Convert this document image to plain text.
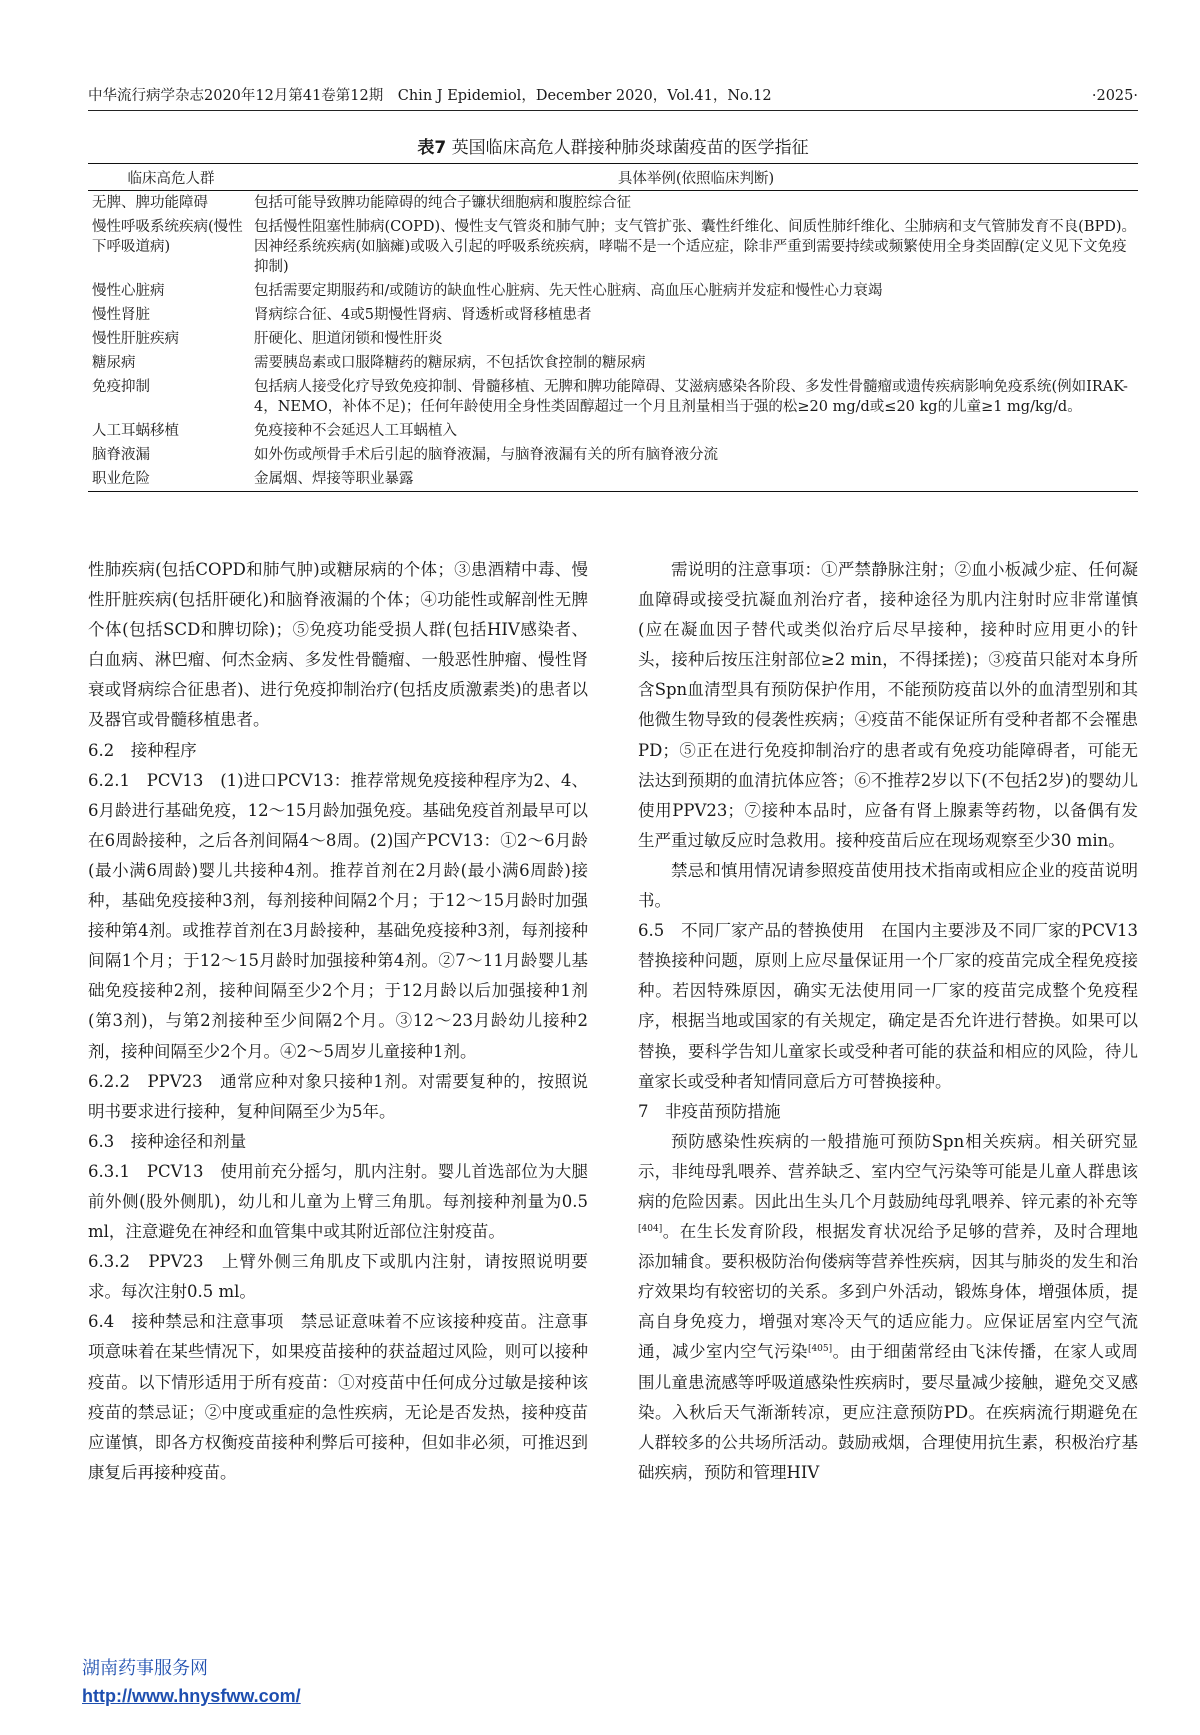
中华流行病学杂志2020年12月第41卷第12期　Chin J Epidemiol，December 2020，Vol.41，No.12	·2025·
表7 英国临床高危人群接种肺炎球菌疫苗的医学指征
临床高危人群	具体举例(依照临床判断)
无脾、脾功能障碍	包括可能导致脾功能障碍的纯合子镰状细胞病和腹腔综合征
慢性呼吸系统疾病(慢性下呼吸道病)	包括慢性阻塞性肺病(COPD)、慢性支气管炎和肺气肿；支气管扩张、囊性纤维化、间质性肺纤维化、尘肺病和支气管肺发育不良(BPD)。因神经系统疾病(如脑瘫)或吸入引起的呼吸系统疾病，哮喘不是一个适应症，除非严重到需要持续或频繁使用全身类固醇(定义见下文免疫抑制)
慢性心脏病	包括需要定期服药和/或随访的缺血性心脏病、先天性心脏病、高血压心脏病并发症和慢性心力衰竭
慢性肾脏	肾病综合征、4或5期慢性肾病、肾透析或肾移植患者
慢性肝脏疾病	肝硬化、胆道闭锁和慢性肝炎
糖尿病	需要胰岛素或口服降糖药的糖尿病，不包括饮食控制的糖尿病
免疫抑制	包括病人接受化疗导致免疫抑制、骨髓移植、无脾和脾功能障碍、艾滋病感染各阶段、多发性骨髓瘤或遗传疾病影响免疫系统(例如IRAK-4，NEMO，补体不足)；任何年龄使用全身性类固醇超过一个月且剂量相当于强的松≥20 mg/d或≤20 kg的儿童≥1 mg/kg/d。
人工耳蜗移植	免疫接种不会延迟人工耳蜗植入
脑脊液漏	如外伤或颅骨手术后引起的脑脊液漏，与脑脊液漏有关的所有脑脊液分流
职业危险	金属烟、焊接等职业暴露

性肺疾病(包括COPD和肺气肿)或糖尿病的个体；③患酒精中毒、慢性肝脏疾病(包括肝硬化)和脑脊液漏的个体；④功能性或解剖性无脾个体(包括SCD和脾切除)；⑤免疫功能受损人群(包括HIV感染者、白血病、淋巴瘤、何杰金病、多发性骨髓瘤、一般恶性肿瘤、慢性肾衰或肾病综合征患者)、进行免疫抑制治疗(包括皮质激素类)的患者以及器官或骨髓移植患者。

6.2　接种程序

6.2.1　PCV13　(1)进口PCV13：推荐常规免疫接种程序为2、4、6月龄进行基础免疫，12～15月龄加强免疫。基础免疫首剂最早可以在6周龄接种，之后各剂间隔4～8周。(2)国产PCV13：①2～6月龄(最小满6周龄)婴儿共接种4剂。推荐首剂在2月龄(最小满6周龄)接种，基础免疫接种3剂，每剂接种间隔2个月；于12～15月龄时加强接种第4剂。或推荐首剂在3月龄接种，基础免疫接种3剂，每剂接种间隔1个月；于12～15月龄时加强接种第4剂。②7～11月龄婴儿基础免疫接种2剂，接种间隔至少2个月；于12月龄以后加强接种1剂(第3剂)，与第2剂接种至少间隔2个月。③12～23月龄幼儿接种2剂，接种间隔至少2个月。④2～5周岁儿童接种1剂。

6.2.2　PPV23　通常应种对象只接种1剂。对需要复种的，按照说明书要求进行接种，复种间隔至少为5年。

6.3　接种途径和剂量

6.3.1　PCV13　使用前充分摇匀，肌内注射。婴儿首选部位为大腿前外侧(股外侧肌)，幼儿和儿童为上臂三角肌。每剂接种剂量为0.5 ml，注意避免在神经和血管集中或其附近部位注射疫苗。

6.3.2　PPV23　上臂外侧三角肌皮下或肌内注射，请按照说明要求。每次注射0.5 ml。

6.4　接种禁忌和注意事项　禁忌证意味着不应该接种疫苗。注意事项意味着在某些情况下，如果疫苗接种的获益超过风险，则可以接种疫苗。以下情形适用于所有疫苗：①对疫苗中任何成分过敏是接种该疫苗的禁忌证；②中度或重症的急性疾病，无论是否发热，接种疫苗应谨慎，即各方权衡疫苗接种利弊后可接种，但如非必须，可推迟到康复后再接种疫苗。

需说明的注意事项：①严禁静脉注射；②血小板减少症、任何凝血障碍或接受抗凝血剂治疗者，接种途径为肌内注射时应非常谨慎(应在凝血因子替代或类似治疗后尽早接种，接种时应用更小的针头，接种后按压注射部位≥2 min，不得揉搓)；③疫苗只能对本身所含Spn血清型具有预防保护作用，不能预防疫苗以外的血清型别和其他微生物导致的侵袭性疾病；④疫苗不能保证所有受种者都不会罹患PD；⑤正在进行免疫抑制治疗的患者或有免疫功能障碍者，可能无法达到预期的血清抗体应答；⑥不推荐2岁以下(不包括2岁)的婴幼儿使用PPV23；⑦接种本品时，应备有肾上腺素等药物，以备偶有发生严重过敏反应时急救用。接种疫苗后应在现场观察至少30 min。

禁忌和慎用情况请参照疫苗使用技术指南或相应企业的疫苗说明书。

6.5　不同厂家产品的替换使用　在国内主要涉及不同厂家的PCV13替换接种问题，原则上应尽量保证用一个厂家的疫苗完成全程免疫接种。若因特殊原因，确实无法使用同一厂家的疫苗完成整个免疫程序，根据当地或国家的有关规定，确定是否允许进行替换。如果可以替换，要科学告知儿童家长或受种者可能的获益和相应的风险，待儿童家长或受种者知情同意后方可替换接种。

7　非疫苗预防措施

预防感染性疾病的一般措施可预防Spn相关疾病。相关研究显示，非纯母乳喂养、营养缺乏、室内空气污染等可能是儿童人群患该病的危险因素。因此出生头几个月鼓励纯母乳喂养、锌元素的补充等[404]。在生长发育阶段，根据发育状况给予足够的营养，及时合理地添加辅食。要积极防治佝偻病等营养性疾病，因其与肺炎的发生和治疗效果均有较密切的关系。多到户外活动，锻炼身体，增强体质，提高自身免疫力，增强对寒冷天气的适应能力。应保证居室内空气流通，减少室内空气污染[405]。由于细菌常经由飞沫传播，在家人或周围儿童患流感等呼吸道感染性疾病时，要尽量减少接触，避免交叉感染。入秋后天气渐渐转凉，更应注意预防PD。在疾病流行期避免在人群较多的公共场所活动。鼓励戒烟，合理使用抗生素，积极治疗基础疾病，预防和管理HIV

湖南药事服务网
http://www.hnysfww.com/
